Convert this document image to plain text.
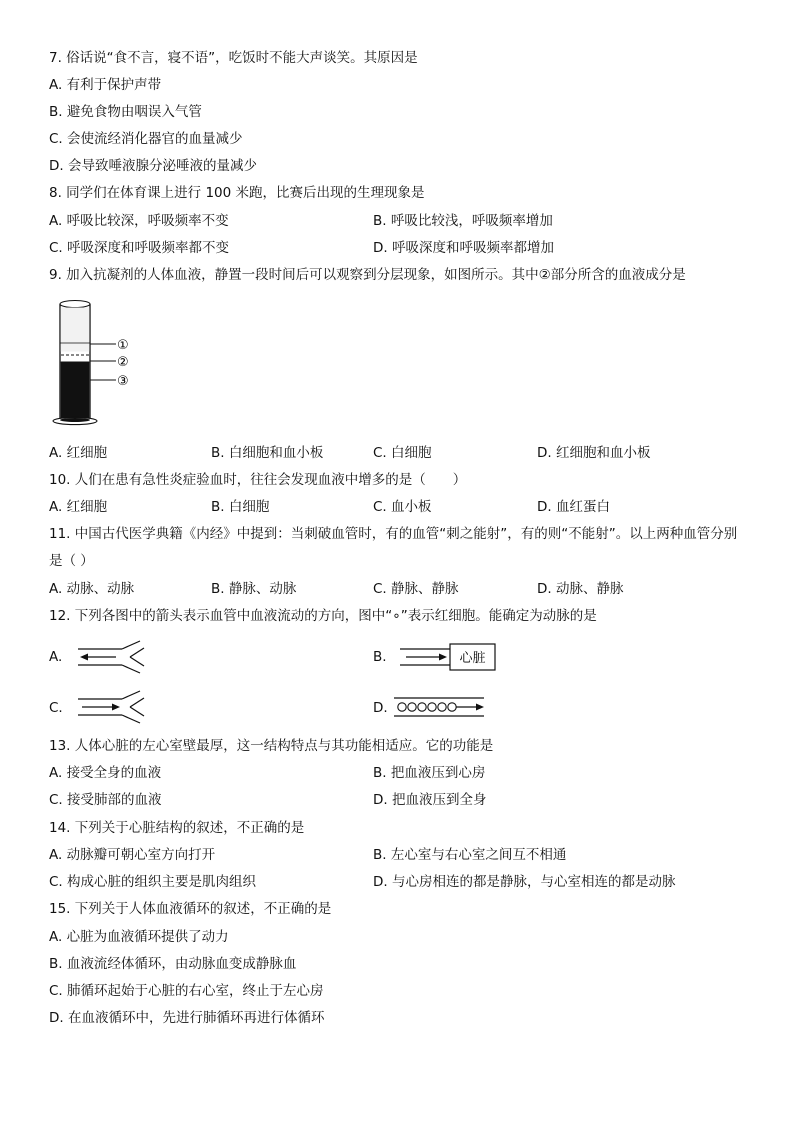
7. 俗话说“食不言，寝不语”，吃饭时不能大声谈笑。其原因是
A. 有利于保护声带
B. 避免食物由咽误入气管
C. 会使流经消化器官的血量减少
D. 会导致唾液腺分泌唾液的量减少
8. 同学们在体育课上进行 100 米跑，比赛后出现的生理现象是
A. 呼吸比较深，呼吸频率不变	B. 呼吸比较浅，呼吸频率增加
C. 呼吸深度和呼吸频率都不变	D. 呼吸深度和呼吸频率都增加
9. 加入抗凝剂的人体血液，静置一段时间后可以观察到分层现象，如图所示。其中②部分所含的血液成分是
①
②
③
A. 红细胞	B. 白细胞和血小板	C. 白细胞	D. 红细胞和血小板
10. 人们在患有急性炎症验血时，往往会发现血液中增多的是（　　）
A. 红细胞	B. 白细胞	C. 血小板	D. 血红蛋白
11. 中国古代医学典籍《内经》中提到：当刺破血管时，有的血管“刺之能射”，有的则“不能射”。以上两种血管分别
是（ ）
A. 动脉、动脉	B. 静脉、动脉	C. 静脉、静脉	D. 动脉、静脉
12. 下列各图中的箭头表示血管中血液流动的方向，图中“∘”表示红细胞。能确定为动脉的是
A.	B.	心脏
C.	D.
13. 人体心脏的左心室壁最厚，这一结构特点与其功能相适应。它的功能是
A. 接受全身的血液	B. 把血液压到心房
C. 接受肺部的血液	D. 把血液压到全身
14. 下列关于心脏结构的叙述，不正确的是
A. 动脉瓣可朝心室方向打开	B. 左心室与右心室之间互不相通
C. 构成心脏的组织主要是肌肉组织	D. 与心房相连的都是静脉，与心室相连的都是动脉
15. 下列关于人体血液循环的叙述，不正确的是
A. 心脏为血液循环提供了动力
B. 血液流经体循环，由动脉血变成静脉血
C. 肺循环起始于心脏的右心室，终止于左心房
D. 在血液循环中，先进行肺循环再进行体循环
